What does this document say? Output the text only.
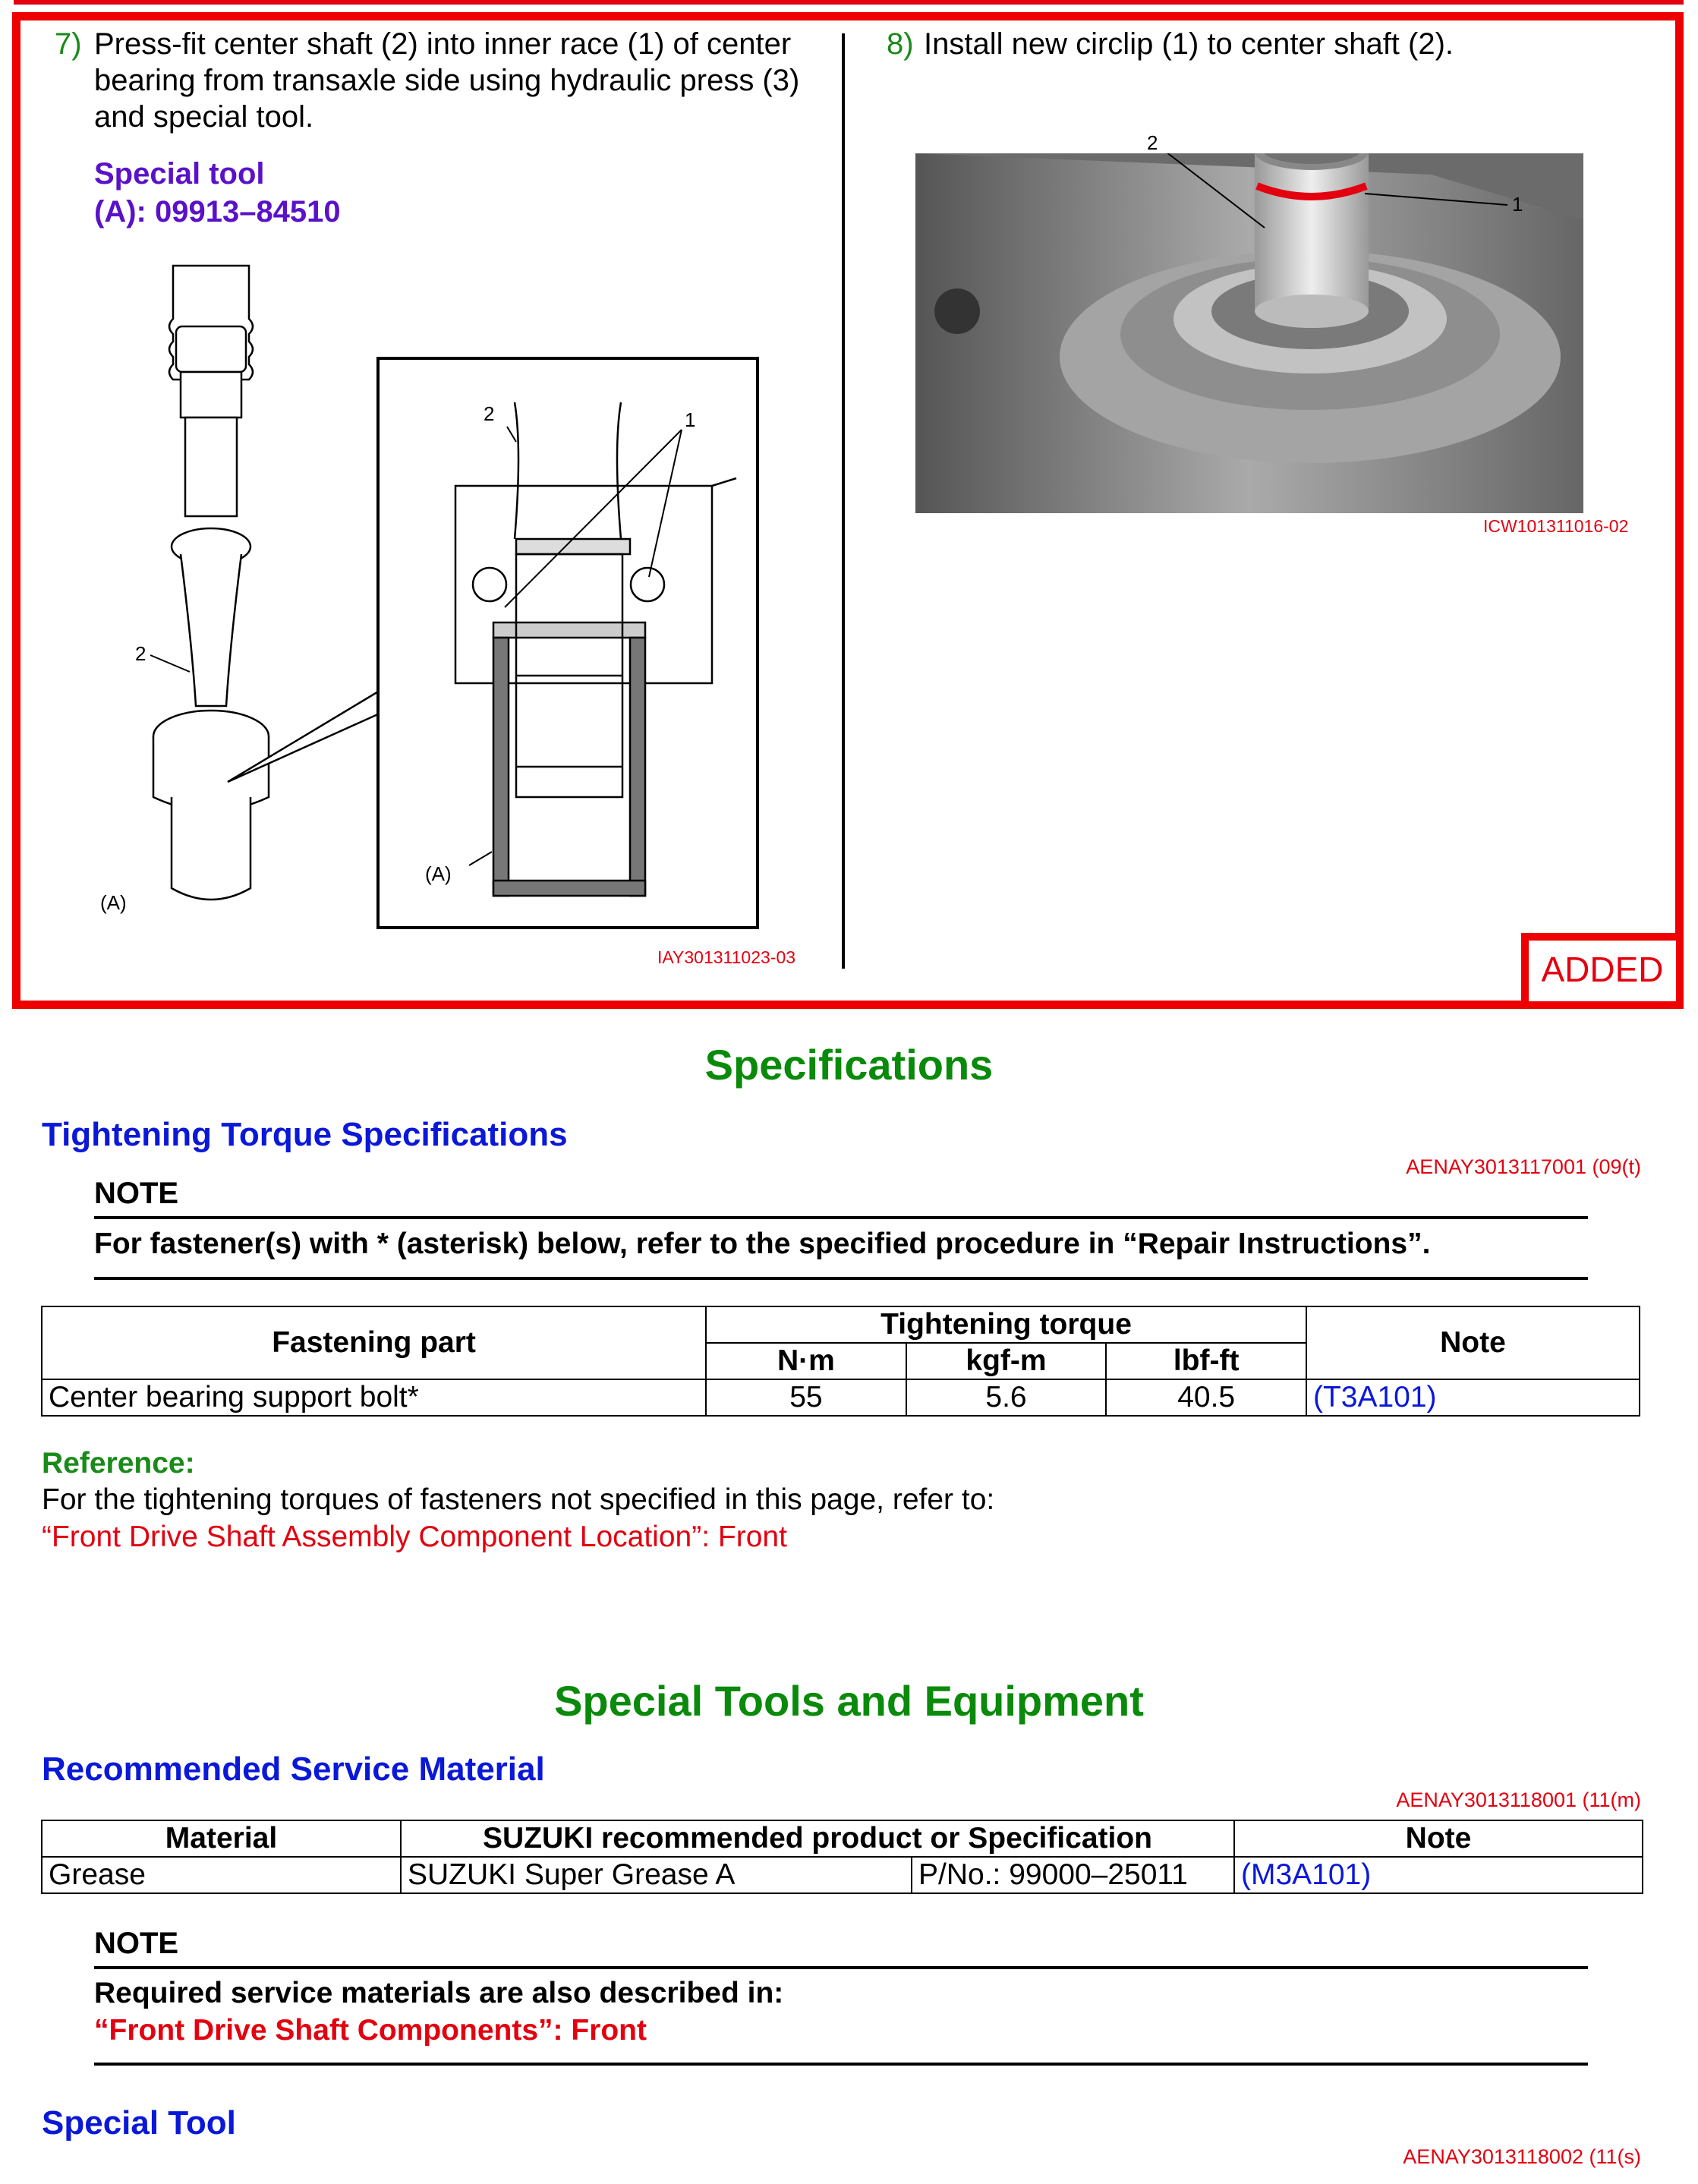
7) Press-fit center shaft (2) into inner race (1) of center
bearing from transaxle side using hydraulic press (3)
and special tool.
Special tool
(A): 09913–84510
2	1
2
(A)
(A)
IAY301311023-03
8) Install new circlip (1) to center shaft (2).
2
1
ICW101311016-02
ADDED
Specifications
Tightening Torque Specifications
AENAY3013117001 (09(t)
NOTE
For fastener(s) with * (asterisk) below, refer to the specified procedure in “Repair Instructions”.
Fastening part	Tightening torque			Note
	N·m	kgf-m	lbf-ft	
Center bearing support bolt*	55	5.6	40.5	(T3A101)
Reference:
For the tightening torques of fasteners not specified in this page, refer to:
“Front Drive Shaft Assembly Component Location”: Front
Special Tools and Equipment
Recommended Service Material
AENAY3013118001 (11(m)
Material	SUZUKI recommended product or Specification		Note
Grease	SUZUKI Super Grease A	P/No.: 99000–25011	(M3A101)
NOTE
Required service materials are also described in:
“Front Drive Shaft Components”: Front
Special Tool
AENAY3013118002 (11(s)
